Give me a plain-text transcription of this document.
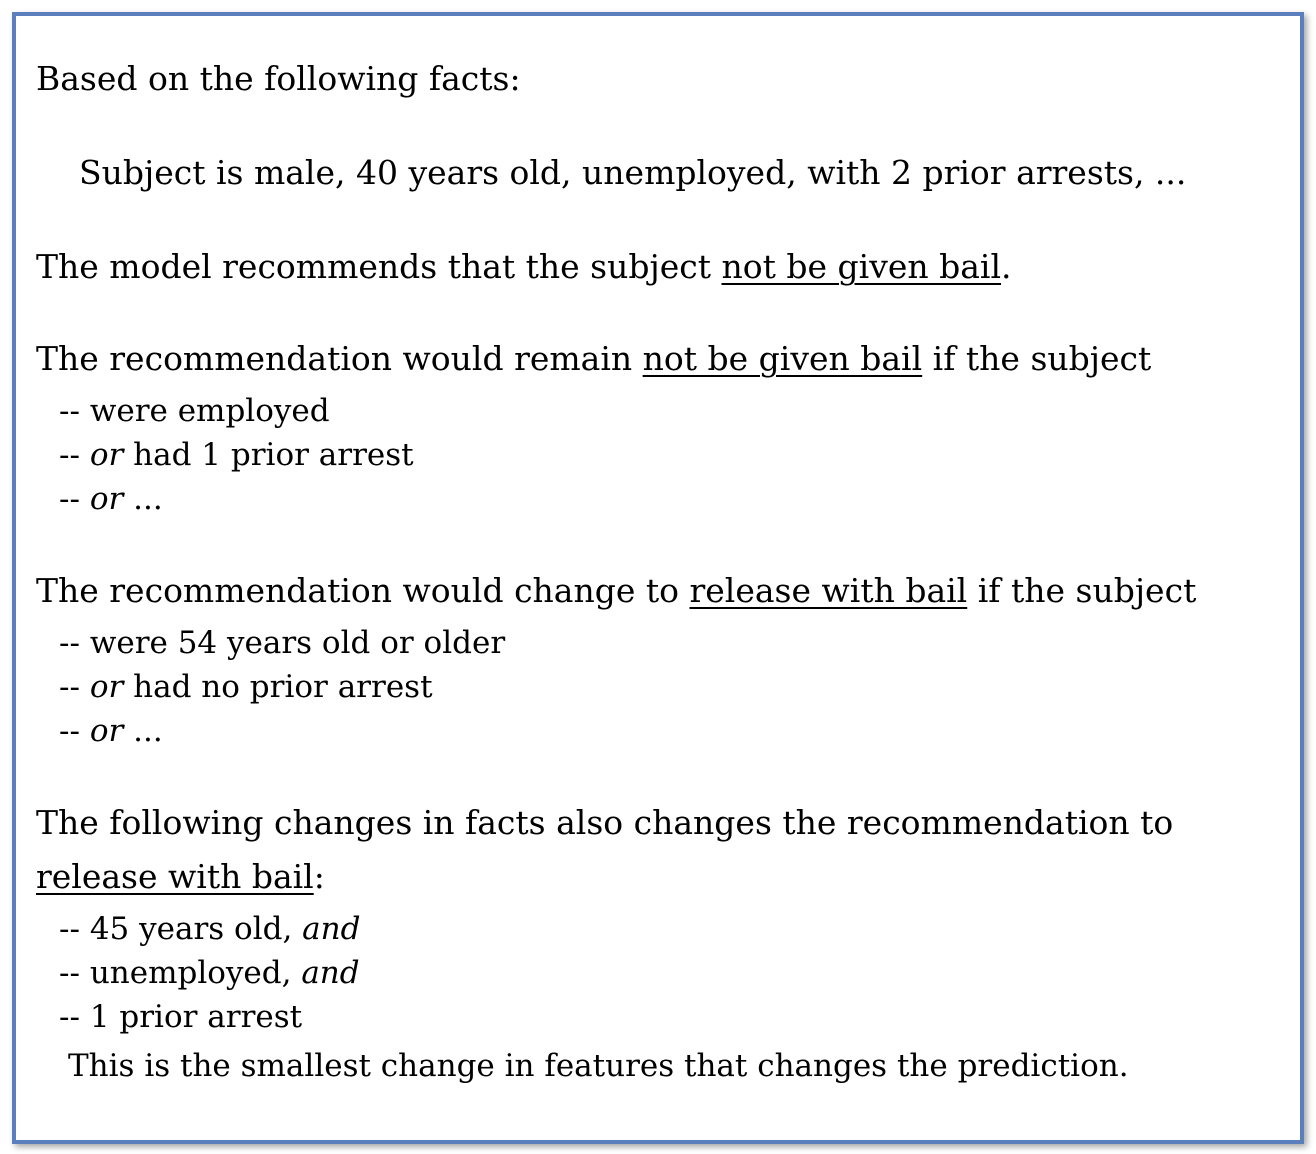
Based on the following facts:
Subject is male, 40 years old, unemployed, with 2 prior arrests, ...
The model recommends that the subject not be given bail.
The recommendation would remain not be given bail if the subject
-- were employed
-- or had 1 prior arrest
-- or ...
The recommendation would change to release with bail if the subject
-- were 54 years old or older
-- or had no prior arrest
-- or ...
The following changes in facts also changes the recommendation to
release with bail:
-- 45 years old, and
-- unemployed, and
-- 1 prior arrest
This is the smallest change in features that changes the prediction.
